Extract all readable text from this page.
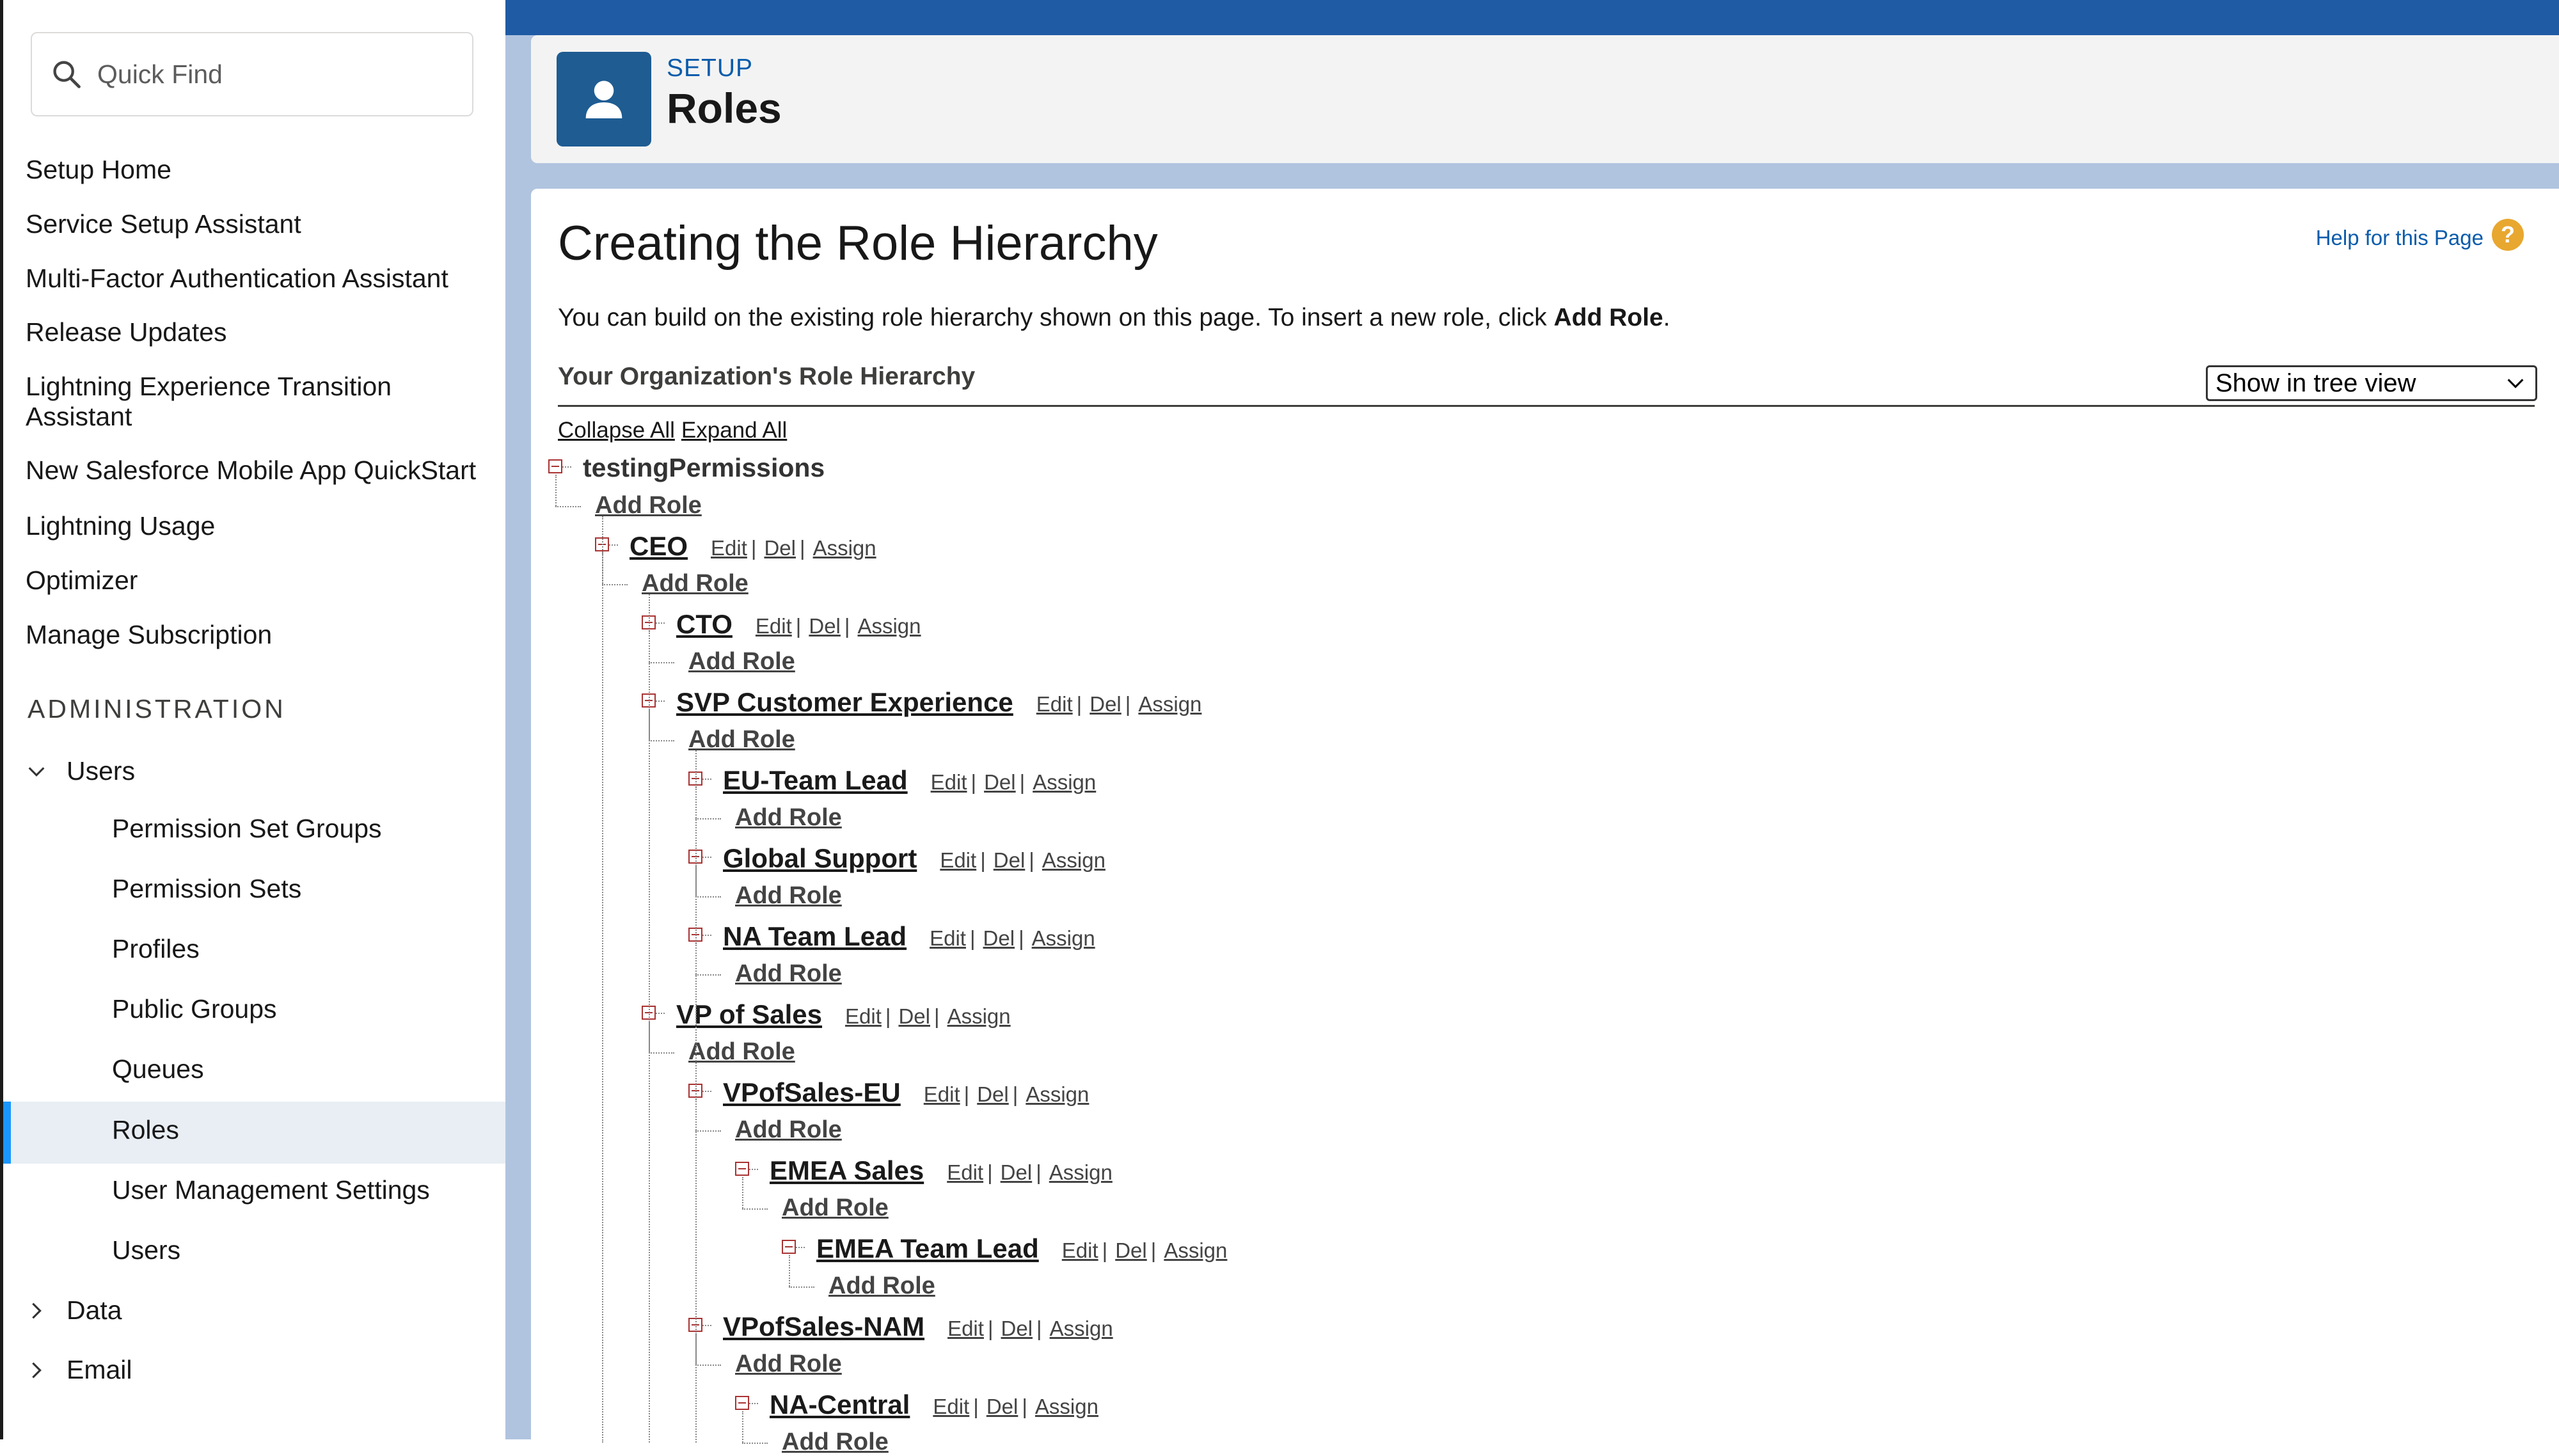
Quick Find
Setup Home
Service Setup Assistant
Multi-Factor Authentication Assistant
Release Updates
Lightning Experience Transition
Assistant
New Salesforce Mobile App QuickStart
Lightning Usage
Optimizer
Manage Subscription
ADMINISTRATION
Users
Permission Set Groups
Permission Sets
Profiles
Public Groups
Queues
Roles
User Management Settings
Users
Data
Email
SETUP
Roles
Creating the Role Hierarchy	Help for this Page ?
You can build on the existing role hierarchy shown on this page. To insert a new role, click Add Role.
Your Organization's Role Hierarchy	Show in tree view
Collapse All Expand All
testingPermissions
Add Role
CEO Edit | Del | Assign
Add Role
CTO Edit | Del | Assign
Add Role
SVP Customer Experience Edit | Del | Assign
Add Role
EU-Team Lead Edit | Del | Assign
Add Role
Global Support Edit | Del | Assign
Add Role
NA Team Lead Edit | Del | Assign
Add Role
VP of Sales Edit | Del | Assign
Add Role
VPofSales-EU Edit | Del | Assign
Add Role
EMEA Sales Edit | Del | Assign
Add Role
EMEA Team Lead Edit | Del | Assign
Add Role
VPofSales-NAM Edit | Del | Assign
Add Role
NA-Central Edit | Del | Assign
Add Role
